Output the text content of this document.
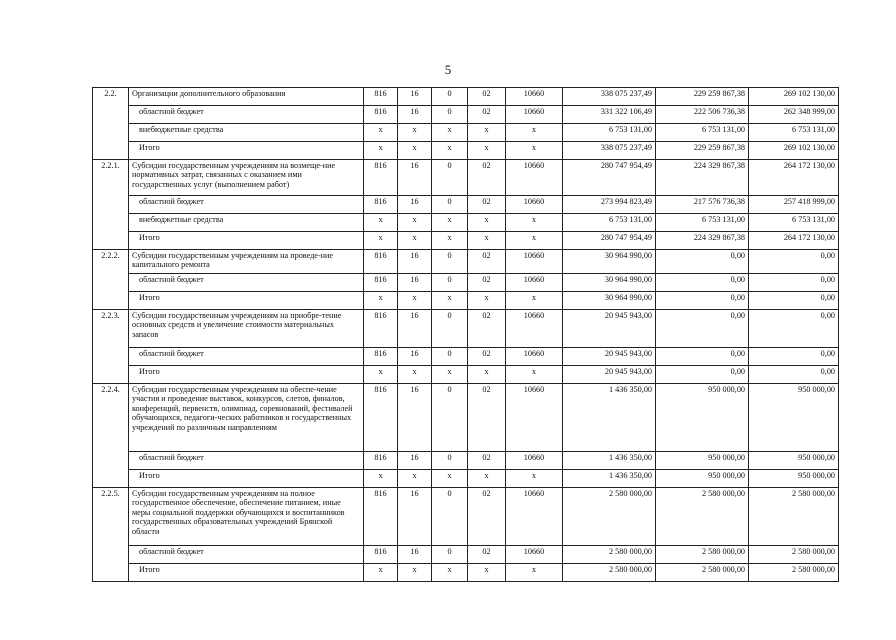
5
2.2.	Организации дополнительного образования	816	16	0	02	10660	338 075 237,49	229 259 867,38	269 102 130,00
	областной бюджет	816	16	0	02	10660	331 322 106,49	222 506 736,38	262 348 999,00
	внебюджетные средства	х	х	х	х	х	6 753 131,00	6 753 131,00	6 753 131,00
	Итого	х	х	х	х	х	338 075 237,49	229 259 867,38	269 102 130,00
2.2.1.	Субсидии государственным учреждениям на возмеще-ние нормативных затрат, связанных с оказанием ими государственных услуг (выполнением работ)	816	16	0	02	10660	280 747 954,49	224 329 867,38	264 172 130,00
	областной бюджет	816	16	0	02	10660	273 994 823,49	217 576 736,38	257 418 999,00
	внебюджетные средства	х	х	х	х	х	6 753 131,00	6 753 131,00	6 753 131,00
	Итого	х	х	х	х	х	280 747 954,49	224 329 867,38	264 172 130,00
2.2.2.	Субсидии государственным учреждениям на проведе-ние капитального ремонта	816	16	0	02	10660	30 964 990,00	0,00	0,00
	областной бюджет	816	16	0	02	10660	30 964 990,00	0,00	0,00
	Итого	х	х	х	х	х	30 964 990,00	0,00	0,00
2.2.3.	Субсидии государственным учреждениям на приобре-тение основных средств и увеличение стоимости материальных запасов	816	16	0	02	10660	20 945 943,00	0,00	0,00
	областной бюджет	816	16	0	02	10660	20 945 943,00	0,00	0,00
	Итого	х	х	х	х	х	20 945 943,00	0,00	0,00
2.2.4.	Субсидии государственным учреждениям на обеспе-чение участия и проведение выставок, конкурсов, слетов, финалов, конференций, первенств, олимпиад, соревнований, фестивалей обучающихся, педагоги-ческих работников и государственных учреждений по различным направлениям	816	16	0	02	10660	1 436 350,00	950 000,00	950 000,00
	областной бюджет	816	16	0	02	10660	1 436 350,00	950 000,00	950 000,00
	Итого	х	х	х	х	х	1 436 350,00	950 000,00	950 000,00
2.2.5.	Субсидии государственным учреждениям на полное государственное обеспечение, обеспечение питанием, иные меры социальной поддержки обучающихся и воспитанников государственных образовательных учреждений Брянской области	816	16	0	02	10660	2 580 000,00	2 580 000,00	2 580 000,00
	областной бюджет	816	16	0	02	10660	2 580 000,00	2 580 000,00	2 580 000,00
	Итого	х	х	х	х	х	2 580 000,00	2 580 000,00	2 580 000,00
